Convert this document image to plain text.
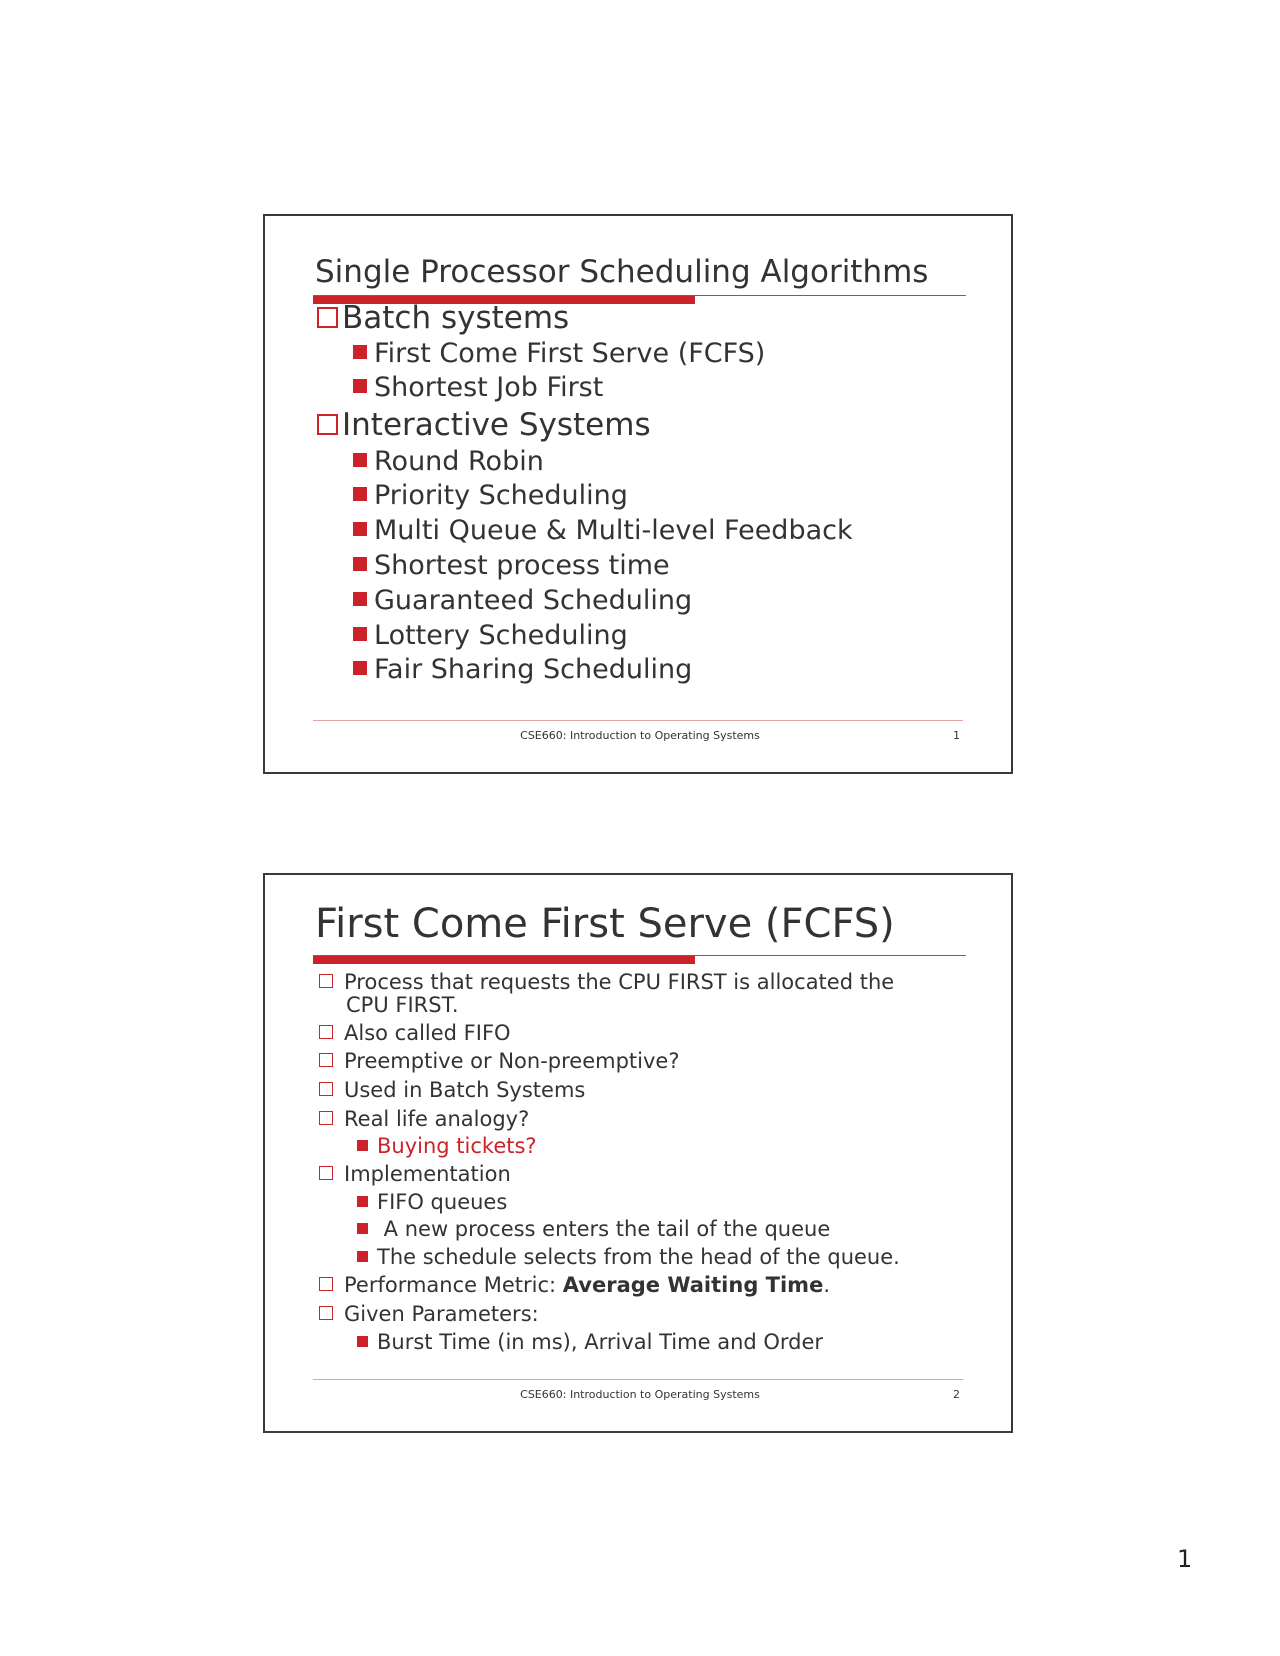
Single Processor Scheduling Algorithms
Batch systems
First Come First Serve (FCFS)
Shortest Job First
Interactive Systems
Round Robin
Priority Scheduling
Multi Queue & Multi-level Feedback
Shortest process time
Guaranteed Scheduling
Lottery Scheduling
Fair Sharing Scheduling
CSE660: Introduction to Operating Systems	1
First Come First Serve (FCFS)
Process that requests the CPU FIRST is allocated the
CPU FIRST.
Also called FIFO
Preemptive or Non-preemptive?
Used in Batch Systems
Real life analogy?
Buying tickets?
Implementation
FIFO queues
A new process enters the tail of the queue
The schedule selects from the head of the queue.
Performance Metric: Average Waiting Time.
Given Parameters:
Burst Time (in ms), Arrival Time and Order
CSE660: Introduction to Operating Systems	2
1
